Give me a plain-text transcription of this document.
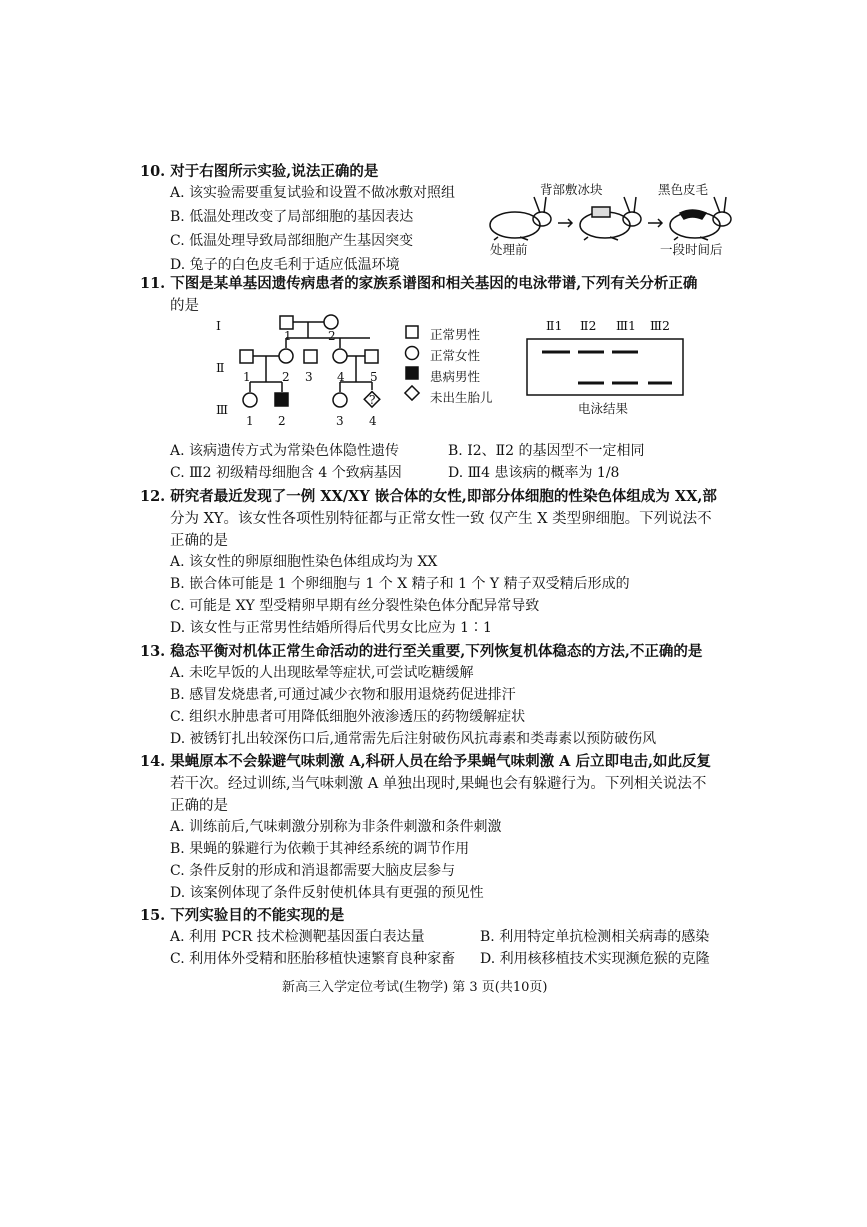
10. 对于右图所示实验,说法正确的是
A. 该实验需要重复试验和设置不做冰敷对照组
B. 低温处理改变了局部细胞的基因表达
C. 低温处理导致局部细胞产生基因突变
D. 兔子的白色皮毛利于适应低温环境
背部敷冰块	黑色皮毛
处理前	一段时间后
11. 下图是某单基因遗传病患者的家族系谱图和相关基因的电泳带谱,下列有关分析正确
的是
Ⅰ
Ⅱ
Ⅲ
?
1	2
1	2 3 4 5
1 2	3 4
正常男性
正常女性
患病男性
未出生胎儿
Ⅱ1 Ⅱ2 Ⅲ1 Ⅲ2
电泳结果
A. 该病遗传方式为常染色体隐性遗传	B. Ⅰ2、Ⅱ2 的基因型不一定相同
C. Ⅲ2 初级精母细胞含 4 个致病基因	D. Ⅲ4 患该病的概率为 1/8
12. 研究者最近发现了一例 XX/XY 嵌合体的女性,即部分体细胞的性染色体组成为 XX,部
分为 XY。该女性各项性别特征都与正常女性一致 仅产生 X 类型卵细胞。下列说法不
正确的是
A. 该女性的卵原细胞性染色体组成均为 XX
B. 嵌合体可能是 1 个卵细胞与 1 个 X 精子和 1 个 Y 精子双受精后形成的
C. 可能是 XY 型受精卵早期有丝分裂性染色体分配异常导致
D. 该女性与正常男性结婚所得后代男女比应为 1∶1
13. 稳态平衡对机体正常生命活动的进行至关重要,下列恢复机体稳态的方法,不正确的是
A. 未吃早饭的人出现眩晕等症状,可尝试吃糖缓解
B. 感冒发烧患者,可通过减少衣物和服用退烧药促进排汗
C. 组织水肿患者可用降低细胞外液渗透压的药物缓解症状
D. 被锈钉扎出较深伤口后,通常需先后注射破伤风抗毒素和类毒素以预防破伤风
14. 果蝇原本不会躲避气味刺激 A,科研人员在给予果蝇气味刺激 A 后立即电击,如此反复
若干次。经过训练,当气味刺激 A 单独出现时,果蝇也会有躲避行为。下列相关说法不
正确的是
A. 训练前后,气味刺激分别称为非条件刺激和条件刺激
B. 果蝇的躲避行为依赖于其神经系统的调节作用
C. 条件反射的形成和消退都需要大脑皮层参与
D. 该案例体现了条件反射使机体具有更强的预见性
15. 下列实验目的不能实现的是
A. 利用 PCR 技术检测靶基因蛋白表达量	B. 利用特定单抗检测相关病毒的感染
C. 利用体外受精和胚胎移植快速繁育良种家畜 D. 利用核移植技术实现濒危猴的克隆
新高三入学定位考试(生物学) 第 3 页(共10页)
